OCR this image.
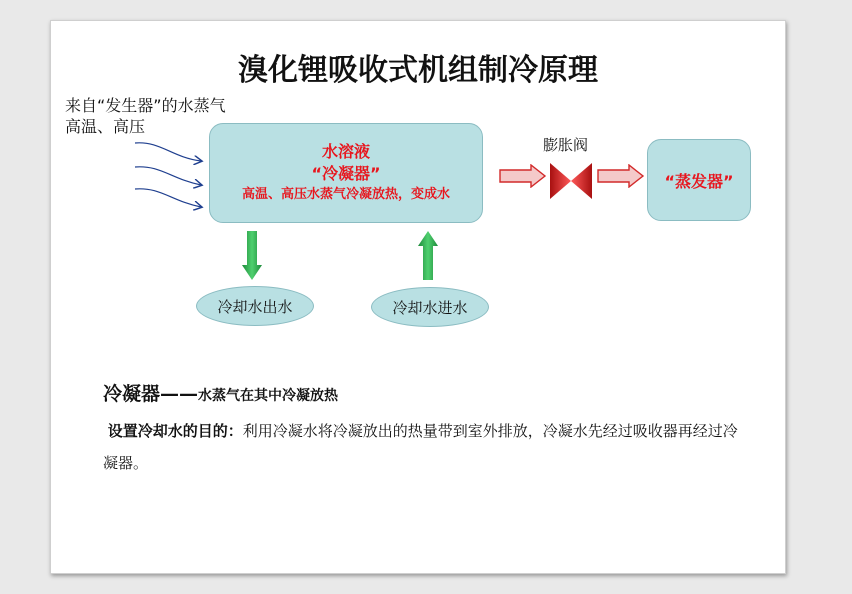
溴化锂吸收式机组制冷原理
来自“发生器”的水蒸气
高温、高压
水溶液
“冷凝器”
高温、高压水蒸气冷凝放热，变成水
膨胀阀
“蒸发器”
冷却水出水	冷却水进水
冷凝器——水蒸气在其中冷凝放热
设置冷却水的目的：利用冷凝水将冷凝放出的热量带到室外排放，冷凝水先经过吸收器再经过冷凝器。
